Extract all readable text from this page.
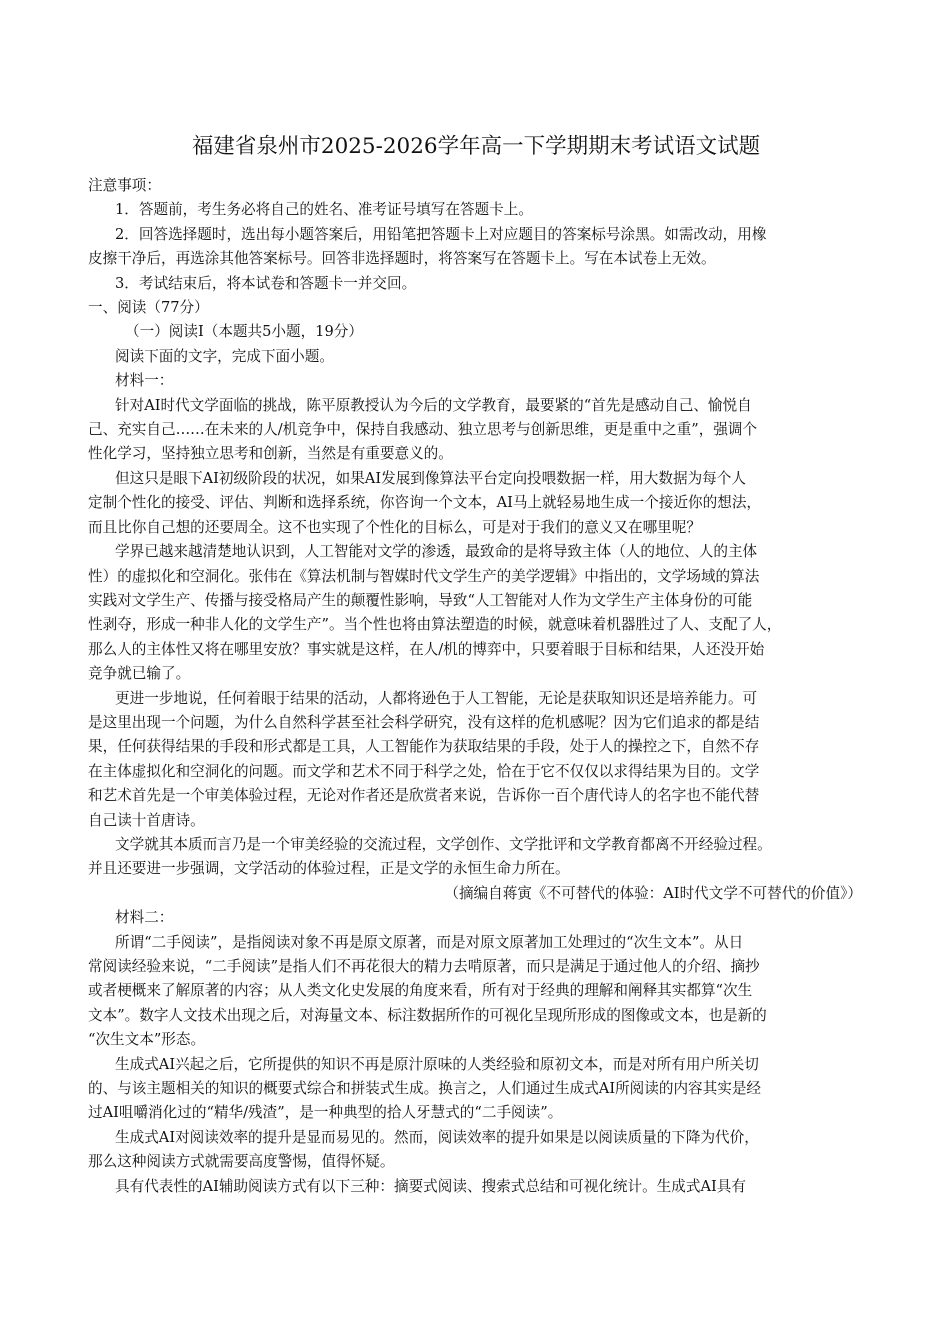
福建省泉州市2025-2026学年高一下学期期末考试语文试题
注意事项：
1．答题前，考生务必将自己的姓名、准考证号填写在答题卡上。
2．回答选择题时，选出每小题答案后，用铅笔把答题卡上对应题目的答案标号涂黑。如需改动，用橡
皮擦干净后，再选涂其他答案标号。回答非选择题时，将答案写在答题卡上。写在本试卷上无效。
3．考试结束后，将本试卷和答题卡一并交回。
一、阅读（77分）
（一）阅读Ⅰ（本题共5小题，19分）
阅读下面的文字，完成下面小题。
材料一：
针对AI时代文学面临的挑战，陈平原教授认为今后的文学教育，最要紧的“首先是感动自己、愉悦自
己、充实自己……在未来的人/机竞争中，保持自我感动、独立思考与创新思维，更是重中之重”，强调个
性化学习，坚持独立思考和创新，当然是有重要意义的。
但这只是眼下AI初级阶段的状况，如果AI发展到像算法平台定向投喂数据一样，用大数据为每个人
定制个性化的接受、评估、判断和选择系统，你咨询一个文本，AI马上就轻易地生成一个接近你的想法，
而且比你自己想的还要周全。这不也实现了个性化的目标么，可是对于我们的意义又在哪里呢？
学界已越来越清楚地认识到，人工智能对文学的渗透，最致命的是将导致主体（人的地位、人的主体
性）的虚拟化和空洞化。张伟在《算法机制与智媒时代文学生产的美学逻辑》中指出的，文学场域的算法
实践对文学生产、传播与接受格局产生的颠覆性影响，导致“人工智能对人作为文学生产主体身份的可能
性剥夺，形成一种非人化的文学生产”。当个性也将由算法塑造的时候，就意味着机器胜过了人、支配了人，
那么人的主体性又将在哪里安放？事实就是这样，在人/机的博弈中，只要着眼于目标和结果，人还没开始
竞争就已输了。
更进一步地说，任何着眼于结果的活动，人都将逊色于人工智能，无论是获取知识还是培养能力。可
是这里出现一个问题，为什么自然科学甚至社会科学研究，没有这样的危机感呢？因为它们追求的都是结
果，任何获得结果的手段和形式都是工具，人工智能作为获取结果的手段，处于人的操控之下，自然不存
在主体虚拟化和空洞化的问题。而文学和艺术不同于科学之处，恰在于它不仅仅以求得结果为目的。文学
和艺术首先是一个审美体验过程，无论对作者还是欣赏者来说，告诉你一百个唐代诗人的名字也不能代替
自己读十首唐诗。
文学就其本质而言乃是一个审美经验的交流过程，文学创作、文学批评和文学教育都离不开经验过程。
并且还要进一步强调，文学活动的体验过程，正是文学的永恒生命力所在。
（摘编自蒋寅《不可替代的体验：AI时代文学不可替代的价值》）
材料二：
所谓“二手阅读”，是指阅读对象不再是原文原著，而是对原文原著加工处理过的“次生文本”。从日
常阅读经验来说，“二手阅读”是指人们不再花很大的精力去啃原著，而只是满足于通过他人的介绍、摘抄
或者梗概来了解原著的内容；从人类文化史发展的角度来看，所有对于经典的理解和阐释其实都算“次生
文本”。数字人文技术出现之后，对海量文本、标注数据所作的可视化呈现所形成的图像或文本，也是新的
“次生文本”形态。
生成式AI兴起之后，它所提供的知识不再是原汁原味的人类经验和原初文本，而是对所有用户所关切
的、与该主题相关的知识的概要式综合和拼装式生成。换言之，人们通过生成式AI所阅读的内容其实是经
过AI咀嚼消化过的“精华/残渣”，是一种典型的拾人牙慧式的“二手阅读”。
生成式AI对阅读效率的提升是显而易见的。然而，阅读效率的提升如果是以阅读质量的下降为代价，
那么这种阅读方式就需要高度警惕，值得怀疑。
具有代表性的AI辅助阅读方式有以下三种：摘要式阅读、搜索式总结和可视化统计。生成式AI具有
